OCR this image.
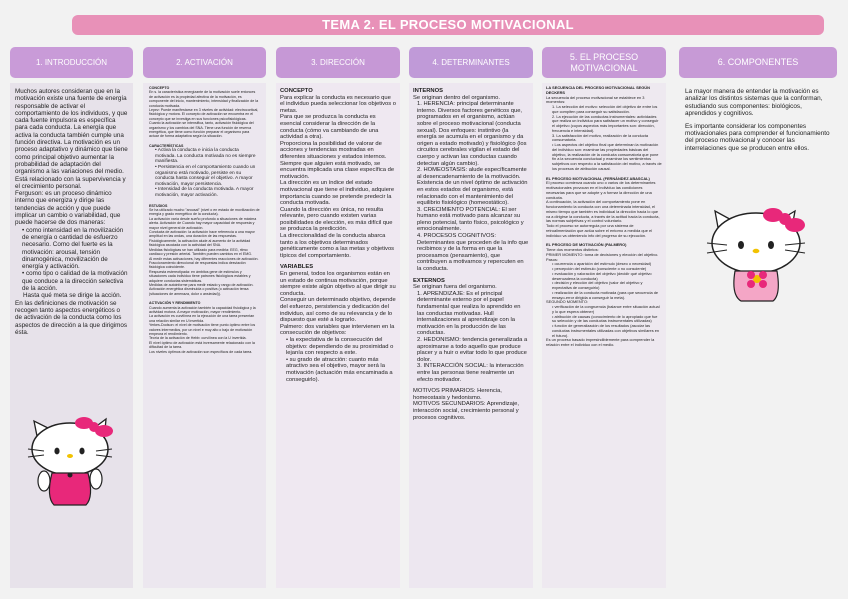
TEMA 2. EL PROCESO MOTIVACIONAL
1. INTRODUCCIÓN	2. ACTIVACIÓN	3. DIRECCIÓN	4. DETERMINANTES
5. EL PROCESO MOTIVACIONAL
6. COMPONENTES

Muchos autores consideran que en la motivación existe una fuente de energía responsable de activar el comportamiento de los individuos, y que cada fuente impulsora es específica para cada conducta. La energía que activa la conducta también cumple una función directiva. La motivación es un proceso adaptativo y dinámico que tiene como principal objetivo aumentar la probabilidad de adaptación del organismo a las variaciones del medio. Está relacionado con la supervivencia y el crecimiento personal.

Ferguson: es un proceso dinámico interno que energiza y dirige las tendencias de acción y que puede implicar un cambio o variabilidad, que puede hacerse de dos maneras:

• como intensidad en la movilización de energía o cantidad de esfuerzo necesario. Como del fuerte es la motivación: arousal, tensión dinamogénica, movilización de energía y activación.

• como tipo o calidad de la motivación que conduce a la dirección selectiva de la acción.

Hasta qué meta se dirige la acción. En las definiciones de motivación se recogen tanto aspectos energéticos o de activación de la conducta como los aspectos de dirección a la que dirigimos ésta.

CONCEPTO

En s. la característica energizante de la motivación suele entonces de activación es la propiedad afectiva de la motivación, es componente del inicio, mantenimiento, intensidad y finalización de la conducta motivada.

Lepez: Puede manifestarse en 3 niveles de actividad: electrocortical, fisiológica y motora. El concepto de activación se encuentra en el concepto que se investiga en sus funciones psicofisiológicas.

Cuanto la activación se intensifica, tanto, activación fisiológica del organismo y los cambios del SNA. Tiene una función de reserva energética, que tiene como función preparar el organismo para actuar de forma adaptativa según la situación.

CARACTERÍSTICAS

• Activa la conducta e inicia la conducta motivada. La conducta motivada no es siempre manifiesta.

• Persistencia en el comportamiento cuando un organismo está motivado, persiste en su conducta hasta conseguir el objetivo. A mayor motivación, mayor persistencia.

• Intensidad de la conducta motivada. A mayor motivación, mayor activación.

ESTUDIOS

Se ha utilizado mucho "arousal" (nivel o en estado de movilización de energía y grado energético de la conducta).

La activación varía desde sueño profundo a situaciones de máxima alerta. Activación de Cuando hay mayor capacidad de respuesta y mayor nivel general de activación.

Conducta de activación: la activación hace referencia a una mayor amplitud en las ondas, una duración de las respuestas.

Fisiológicamente, la activación alude al aumento de la actividad fisiológica asociada con la actividad del SNA.

Medidas fisiológicas se han utilizado para medirla: EEG, ritmo cardiaco y presión arterial. También pueden cambios en el EMG.

Al medir estas activaciones, hay diferentes reacciones de activación.

Fraccionamiento direccional de respuestas indica desviación fisiológica coincidente.

Respuesta estereotipada: en ámbitos gene de estímulos y situaciones cada individuo tiene patrones fisiológicos estables y adquiere conductas sistemáticas.

Medidas de autoinforme para medir estado y rango de activación.

Activación energética disminuida o positiva (o activación tensa (situaciones de amenaza, dolor o ansiedad)).

ACTIVACIÓN Y RENDIMIENTO

Cuando aumenta la activación también la capacidad fisiológica y la actividad motora. A mayor motivación, mayor rendimiento.

La activación es curvilínea en la ejecución de una tarea presentan una relación similar en U invertida.

Yerkes-Dodson: el nivel de motivación tiene punto óptimo entre los valores intermedios, por un nivel e muy alto o bajo de motivación empeora el rendimiento.

Teoría de la activación de Hebb: curvilínea con la U invertida.

El nivel óptimo de activación está inversamente relacionado con la dificultad de la tarea.

Los niveles óptimos de activación son específicos de cada tarea.

CONCEPTO

Para explicar la conducta es necesario que el individuo pueda seleccionar los objetivos o metas.

Para que se produzca la conducta es esencial considerar la dirección de la conducta (cómo va cambiando de una actividad a otra).

Proporciona la posibilidad de valorar de acciones y tendencias mostradas en diferentes situaciones y estados internos.

Siempre que alguien está motivado, se encuentra implicada una clase específica de motivación.

La dirección es un índice del estado motivacional que tiene el individuo, adquiere importancia cuando se pretende predecir la conducta motivada.

Cuando la dirección es única, no resulta relevante, pero cuando existen varias posibilidades de elección, es más difícil que se produzca la predicción.

La direccionalidad de la conducta abarca tanto a los objetivos determinados genéticamente como a las metas y objetivos típicos del comportamiento.

VARIABLES

En general, todos los organismos están en un estado de continua motivación, porque siempre existe algún objetivo al que dirigir su conducta.

Conseguir un determinado objetivo, depende del esfuerzo, persistencia y dedicación del individuo, así como de su relevancia y de lo dispuesto que esté a lograrlo.

Palmero: dos variables que intervienen en la consecución de objetivos:

• la expectativa de la consecución del objetivo: dependiendo de su proximidad o lejanía con respecto a este.

• su grado de atracción: cuanto más atractivo sea el objetivo, mayor será la motivación (actuación más encaminada a conseguirlo).

INTERNOS

Se originan dentro del organismo.

1. HERENCIA: principal determinante interno. Diversos factores genéticos que, programados en el organismo, actúan sobre el proceso motivacional (conducta sexual). Dos enfoques: instintivo (la energía se acumula en el organismo y da origen a estado motivado) y fisiológico (los circuitos cerebrales vigilan el estado del cuerpo y activan las conductas cuando detectan algún cambio).

2. HOMEOSTASIS: alude específicamente al desencadenamiento de la motivación. Existencia de un nivel óptimo de activación en estos estados del organismo, está relacionado con el mantenimiento del equilibrio fisiológico (homeostático).

3. CRECIMIENTO POTENCIAL: El ser humano está motivado para alcanzar su pleno potencial, tanto físico, psicológico y emocionalmente.

4. PROCESOS COGNITIVOS: Determinantes que proceden de la info que recibimos y de la forma en que la procesamos (pensamiento), que contribuyen a motivarnos y repercuten en la conducta.

EXTERNOS

Se originan fuera del organismo.

1. APRENDIZAJE: Es el principal determinante externo por el papel fundamental que realiza lo aprendido en las conductas motivadas. Hull internalizaciones al aprendizaje con la motivación en la producción de las conductas.

2. HEDONISMO: tendencia generalizada a aproximarse a todo aquello que produce placer y a huir o evitar todo lo que produce dolor.

3. INTERACCIÓN SOCIAL: la interacción entre las personas tiene realmente un efecto motivador.

MOTIVOS PRIMARIOS: Herencia, homeostasis y hedonismo.

MOTIVOS SECUNDARIOS: Aprendizaje, interacción social, crecimiento personal y procesos cognitivos.

LA SECUENCIA DEL PROCESO MOTIVACIONAL SEGÚN DECKERS

La secuencia del proceso motivacional se establece en 3 momentos:

1. La selección del motivo: selección del objetivo de entre los que compiten para conseguir su satisfacción.

2. La ejecución de las conductas instrumentales: actividades que realiza un individuo para satisfacer un motivo y conseguir el objetivo (cuyos aspectos más importantes son: dirección, frecuencia e intensidad).

3. La satisfacción del motivo, realización de la conducta consumatoria.

• Los aspectos del objetivo final que determinan la motivación del individuo son: examinar las propiedades básicas del objetivo, la realización de la conducta consumatoria que pone fin a la secuencia conductual y examinar los sentimientos subjetivos con respecto a la satisfacción del motivo, a través de los procesos de atribución causal.

EL PROCESO MOTIVACIONAL (FERNÁNDEZ ABASCAL)

El proceso comienza cuando uno o varios de los determinantes motivacionales provocan en el individuo las condiciones necesarias para que se adopte y a formar la dirección de una conducta.

A continuación, la activación del comportamiento pone en funcionamiento la conducta con una determinada intensidad, el mismo tiempo que también es individual la dirección hacia lo que va a dirigirse la conducta, a través de la actitud hacia la conducta, las normas subjetivas y el control voluntario.

Todo el proceso se autorregula por una sistema de retroalimentación que actúa sobre el entorno a medida que el individuo va obteniendo info del progreso de su ejecución.

EL PROCESO DE MOTIVACIÓN (PALMERO)

Tiene dos momentos distintos:

PRIMER MOMENTO: toma de decisiones y elección del objetivo. Pasos:

• ocurrencia o aparición del estímulo (deseo o necesidad)

• percepción del estímulo (consciente o no consciente)

• evaluación y valoración del objetivo (decidir qué objetivo desencadena la conducta)

• decisión y elección del objetivo (valor del objetivo y expectativa de conseguirlo)

• realización de la conducta motivada (para que secuencia de ensayo-error dirigida a conseguir la meta).

SEGUNDO MOMENTO:

• verificación de la congruencia (balance entre situación actual y lo que espera obtener)

• atribución de causas (conocimiento de lo apropiado que fue su selección y de las conductas instrumentales utilizadas)

• función de generalización de los resultados (asociar las conductas instrumentales utilizadas con objetivos similares en el futuro).

Es un proceso basado impresindiblemente para comprender la relación entre el individuo con el medio.

La mayor manera de entender la motivación es analizar los distintos sistemas que la conforman, estudiando sus componentes: biológicos, aprendidos y cognitivos.

Es importante considerar los componentes motivacionales para comprender el funcionamiento del proceso motivacional y conocer las interrelaciones que se producen entre ellos.
